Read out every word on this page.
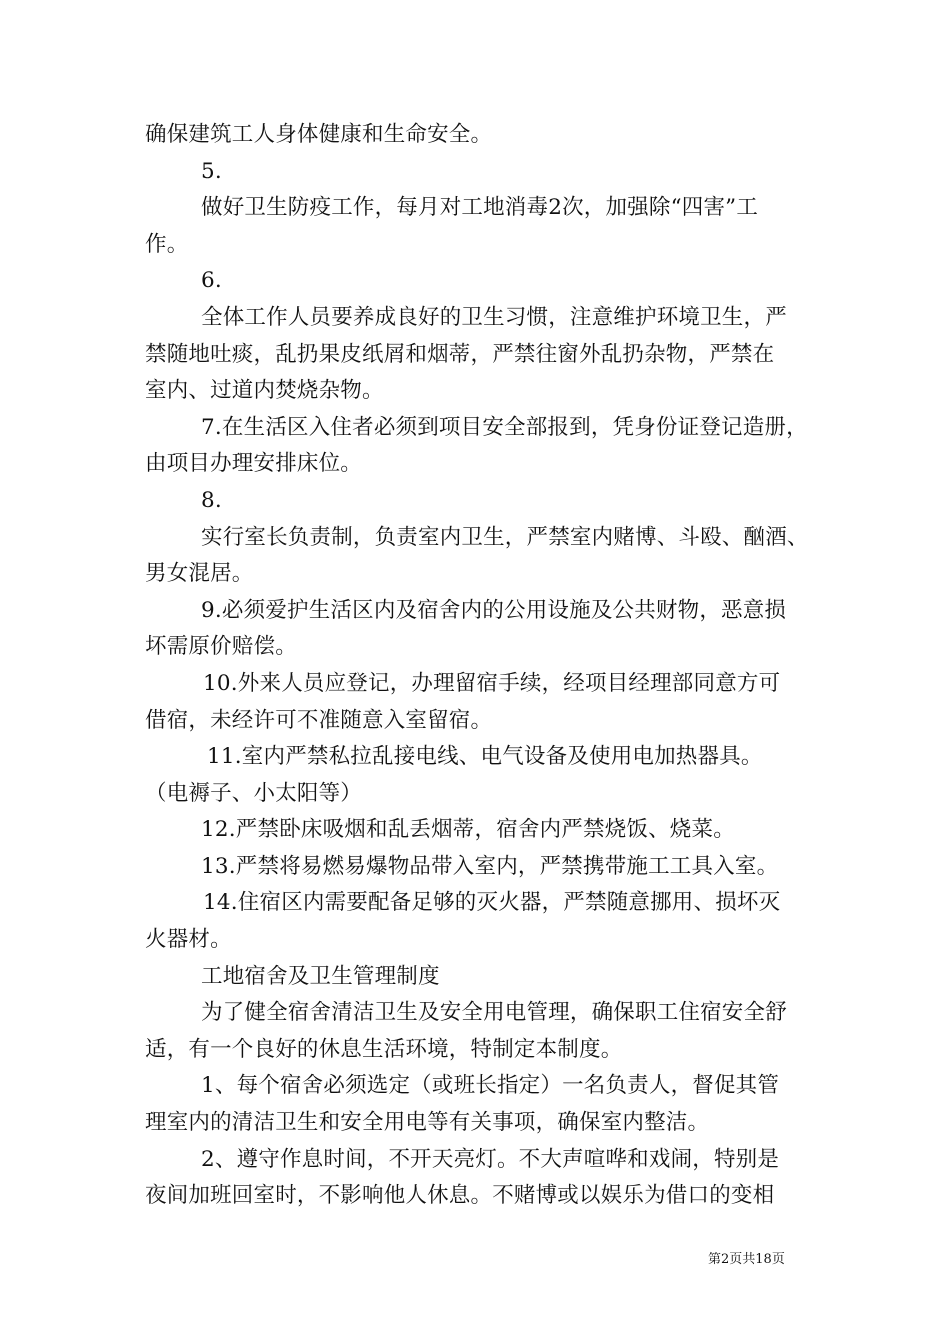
确保建筑工人身体健康和生命安全。
5.
做好卫生防疫工作，每月对工地消毒2次，加强除“四害”工
作。
6.
全体工作人员要养成良好的卫生习惯，注意维护环境卫生，严
禁随地吐痰，乱扔果皮纸屑和烟蒂，严禁往窗外乱扔杂物，严禁在
室内、过道内焚烧杂物。
7.在生活区入住者必须到项目安全部报到，凭身份证登记造册，
由项目办理安排床位。
8.
实行室长负责制，负责室内卫生，严禁室内赌博、斗殴、酗酒、
男女混居。
9.必须爱护生活区内及宿舍内的公用设施及公共财物，恶意损
坏需原价赔偿。
10.外来人员应登记，办理留宿手续，经项目经理部同意方可
借宿，未经许可不准随意入室留宿。
11.室内严禁私拉乱接电线、电气设备及使用电加热器具。
（电褥子、小太阳等）
12.严禁卧床吸烟和乱丢烟蒂，宿舍内严禁烧饭、烧菜。
13.严禁将易燃易爆物品带入室内，严禁携带施工工具入室。
14.住宿区内需要配备足够的灭火器，严禁随意挪用、损坏灭
火器材。
工地宿舍及卫生管理制度
为了健全宿舍清洁卫生及安全用电管理，确保职工住宿安全舒
适，有一个良好的休息生活环境，特制定本制度。
1、每个宿舍必须选定（或班长指定）一名负责人，督促其管
理室内的清洁卫生和安全用电等有关事项，确保室内整洁。
2、遵守作息时间，不开天亮灯。不大声喧哗和戏闹，特别是
夜间加班回室时，不影响他人休息。不赌博或以娱乐为借口的变相
第2页共18页
